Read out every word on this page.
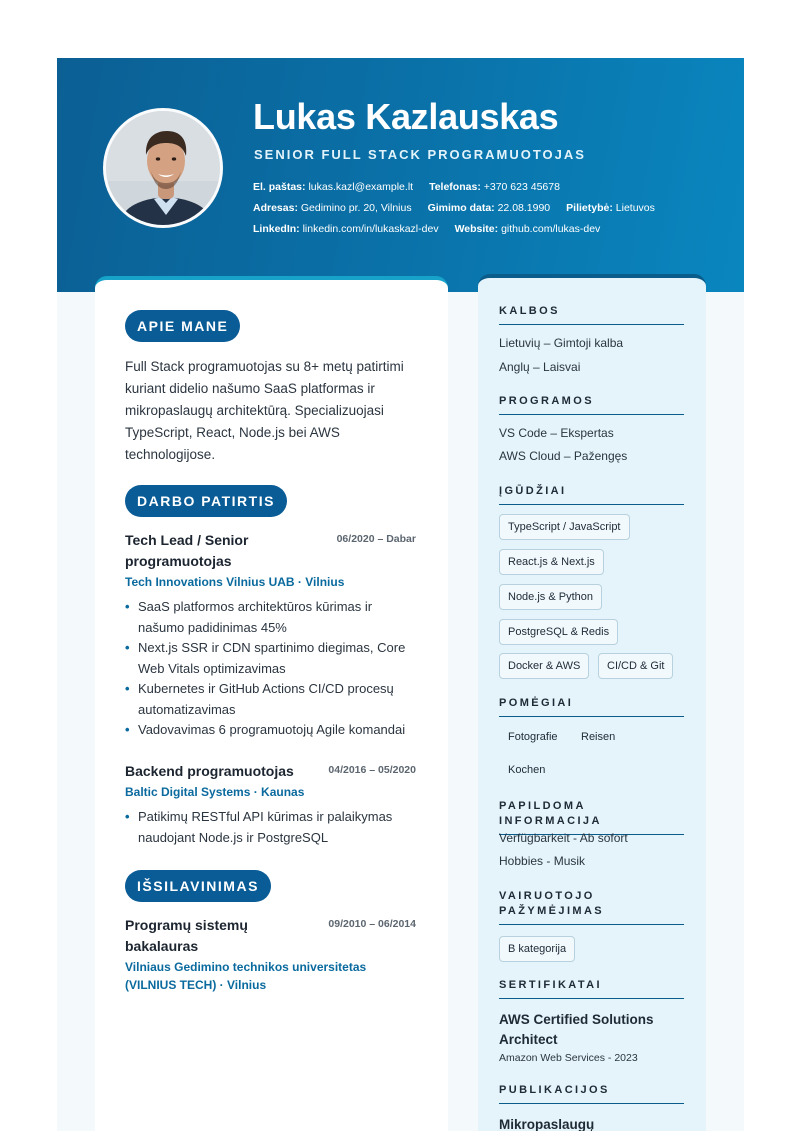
Lukas Kazlauskas
SENIOR FULL STACK PROGRAMUOTOJAS
El. paštas: lukas.kazl@example.lt Telefonas: +370 623 45678
Adresas: Gedimino pr. 20, Vilnius Gimimo data: 22.08.1990 Pilietybė: Lietuvos
LinkedIn: linkedin.com/in/lukaskazl-dev Website: github.com/lukas-dev
APIE MANE
Full Stack programuotojas su 8+ metų patirtimi kuriant didelio našumo SaaS platformas ir mikropaslaugų architektūrą. Specializuojasi TypeScript, React, Node.js bei AWS technologijose.
DARBO PATIRTIS
Tech Lead / Senior programuotojas
06/2020 – Dabar
Tech Innovations Vilnius UAB · Vilnius
• SaaS platformos architektūros kūrimas ir našumo padidinimas 45%
• Next.js SSR ir CDN spartinimo diegimas, Core Web Vitals optimizavimas
• Kubernetes ir GitHub Actions CI/CD procesų automatizavimas
• Vadovavimas 6 programuotojų Agile komandai
Backend programuotojas	04/2016 – 05/2020
Baltic Digital Systems · Kaunas
• Patikimų RESTful API kūrimas ir palaikymas naudojant Node.js ir PostgreSQL
IŠSILAVINIMAS
Programų sistemų bakalauras
09/2010 – 06/2014
Vilniaus Gedimino technikos universitetas (VILNIUS TECH) · Vilnius
KALBOS
Lietuvių – Gimtoji kalba
Anglų – Laisvai
PROGRAMOS
VS Code – Ekspertas
AWS Cloud – Pažengęs
ĮGŪDŽIAI
TypeScript / JavaScript
React.js & Next.js
Node.js & Python
PostgreSQL & Redis
Docker & AWS	CI/CD & Git
POMĖGIAI
Fotografie Reisen
Kochen
PAPILDOMA INFORMACIJA
Verfügbarkeit - Ab sofort
Hobbies - Musik
VAIRUOTOJO PAŽYMĖJIMAS
B kategorija
SERTIFIKATAI
AWS Certified Solutions Architect
Amazon Web Services - 2023
PUBLIKACIJOS
Mikropaslaugų
